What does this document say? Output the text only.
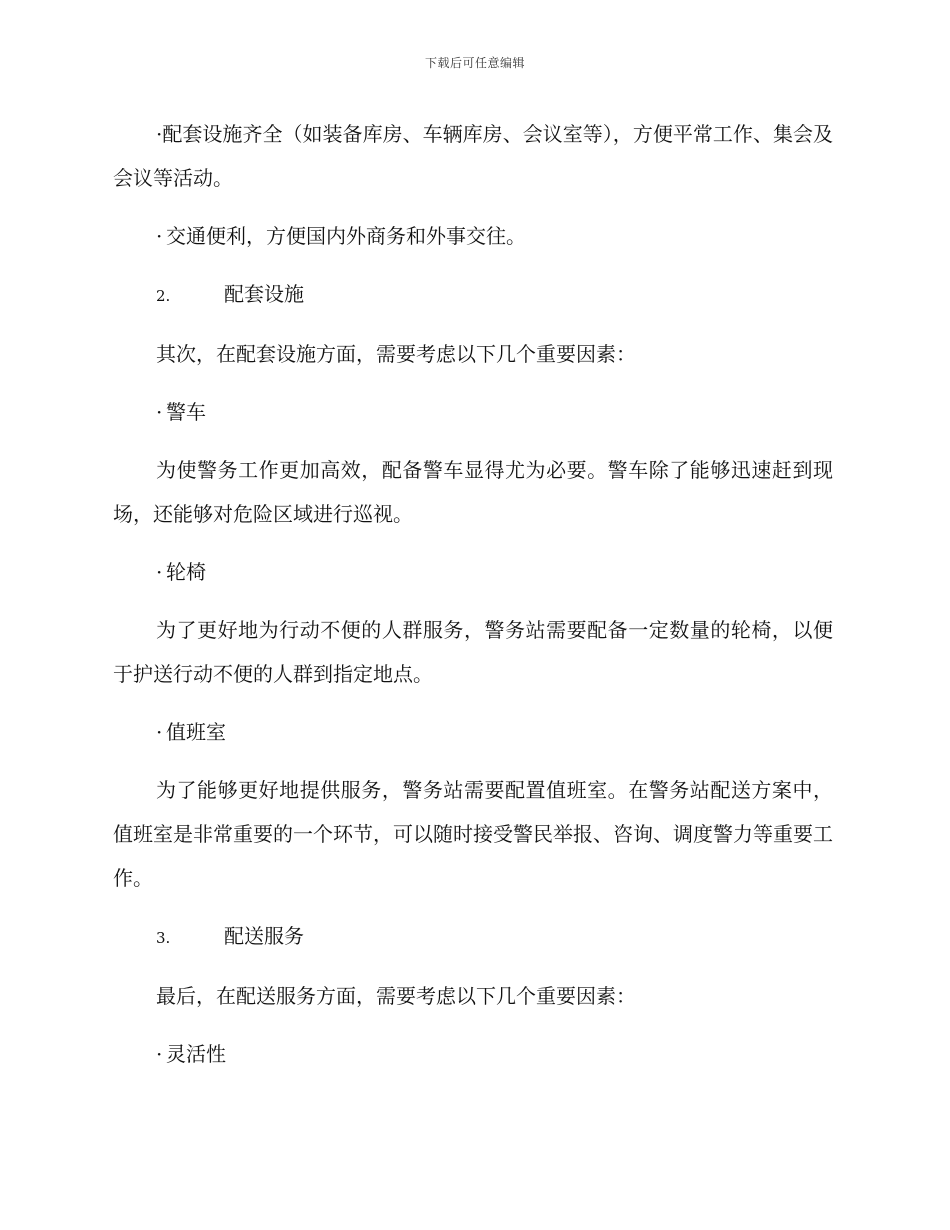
下载后可任意编辑

·配套设施齐全（如装备库房、车辆库房、会议室等），方便平常工作、集会及会议等活动。

· 交通便利，方便国内外商务和外事交往。

2.	配套设施

其次，在配套设施方面，需要考虑以下几个重要因素：

· 警车

为使警务工作更加高效，配备警车显得尤为必要。警车除了能够迅速赶到现场，还能够对危险区域进行巡视。

· 轮椅

为了更好地为行动不便的人群服务，警务站需要配备一定数量的轮椅，以便于护送行动不便的人群到指定地点。

· 值班室

为了能够更好地提供服务，警务站需要配置值班室。在警务站配送方案中，值班室是非常重要的一个环节，可以随时接受警民举报、咨询、调度警力等重要工作。

3.	配送服务

最后，在配送服务方面，需要考虑以下几个重要因素：

· 灵活性
